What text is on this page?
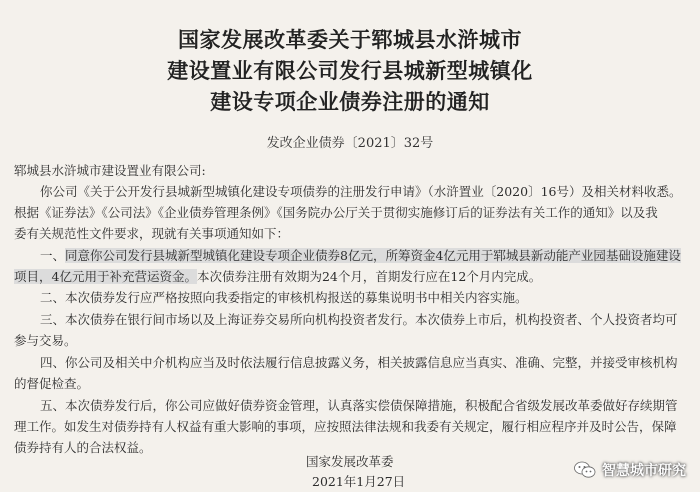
国家发展改革委关于郓城县水浒城市
建设置业有限公司发行县城新型城镇化
建设专项企业债券注册的通知
发改企业债券〔2021〕32号
郓城县水浒城市建设置业有限公司:
你公司《关于公开发行县城新型城镇化建设专项债券的注册发行申请》（水浒置业〔2020〕16号）及相关材料收悉。
根据《证券法》《公司法》《企业债券管理条例》《国务院办公厅关于贯彻实施修订后的证券法有关工作的通知》以及我
委有关规范性文件要求，现就有关事项通知如下：
一、同意你公司发行县城新型城镇化建设专项企业债券8亿元，所筹资金4亿元用于郓城县新动能产业园基础设施建设
项目，4亿元用于补充营运资金。本次债券注册有效期为24个月，首期发行应在12个月内完成。
二、本次债券发行应严格按照向我委指定的审核机构报送的募集说明书中相关内容实施。
三、本次债券在银行间市场以及上海证券交易所向机构投资者发行。本次债券上市后，机构投资者、个人投资者均可
参与交易。
四、你公司及相关中介机构应当及时依法履行信息披露义务，相关披露信息应当真实、准确、完整，并接受审核机构
的督促检查。
五、本次债券发行后，你公司应做好债券资金管理，认真落实偿债保障措施，积极配合省级发展改革委做好存续期管
理工作。如发生对债券持有人权益有重大影响的事项，应按照法律法规和我委有关规定，履行相应程序并及时公告，保障
债券持有人的合法权益。
国家发展改革委
2021年1月27日
智慧城市研究
